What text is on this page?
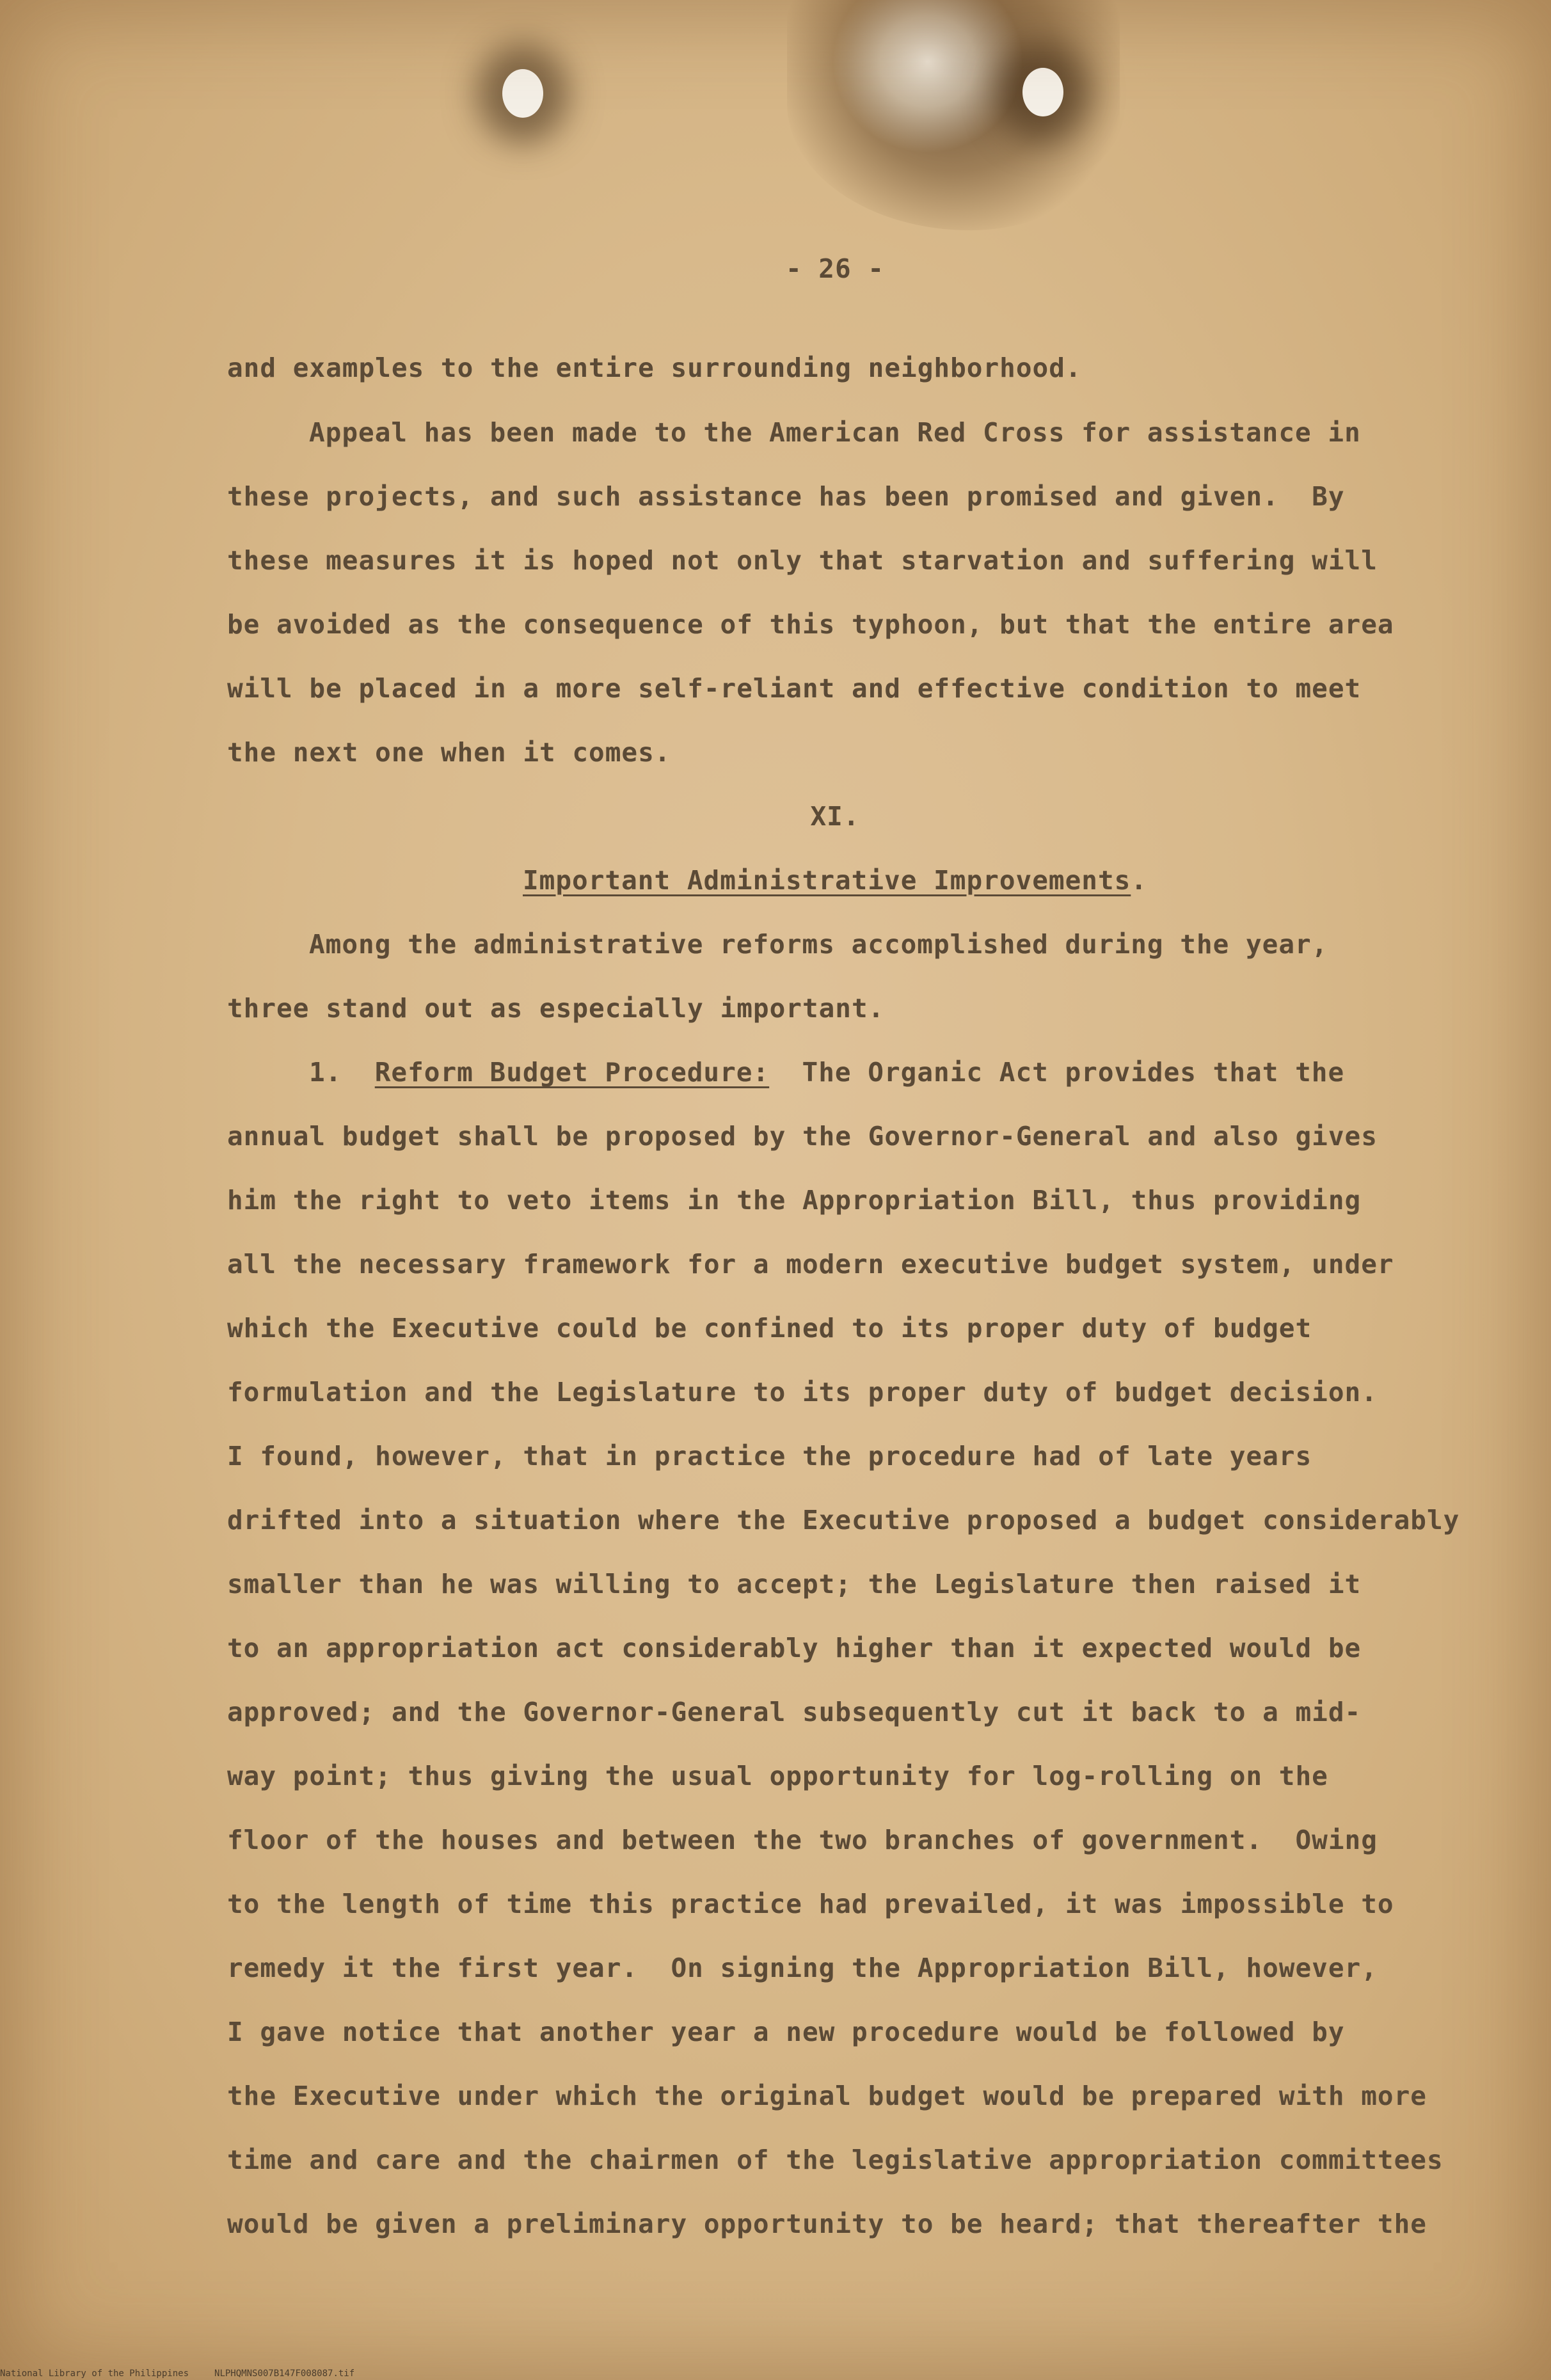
- 26 -
and examples to the entire surrounding neighborhood.
Appeal has been made to the American Red Cross for assistance in
these projects, and such assistance has been promised and given.  By
these measures it is hoped not only that starvation and suffering will
be avoided as the consequence of this typhoon, but that the entire area
will be placed in a more self-reliant and effective condition to meet
the next one when it comes.
XI.
Important Administrative Improvements.
Among the administrative reforms accomplished during the year,
three stand out as especially important.
1. Reform Budget Procedure: The Organic Act provides that the
annual budget shall be proposed by the Governor-General and also gives
him the right to veto items in the Appropriation Bill, thus providing
all the necessary framework for a modern executive budget system, under
which the Executive could be confined to its proper duty of budget
formulation and the Legislature to its proper duty of budget decision.
I found, however, that in practice the procedure had of late years
drifted into a situation where the Executive proposed a budget considerably
smaller than he was willing to accept; the Legislature then raised it
to an appropriation act considerably higher than it expected would be
approved; and the Governor-General subsequently cut it back to a mid-
way point; thus giving the usual opportunity for log-rolling on the
floor of the houses and between the two branches of government.  Owing
to the length of time this practice had prevailed, it was impossible to
remedy it the first year.  On signing the Appropriation Bill, however,
I gave notice that another year a new procedure would be followed by
the Executive under which the original budget would be prepared with more
time and care and the chairmen of the legislative appropriation committees
would be given a preliminary opportunity to be heard; that thereafter the
National Library of the Philippines	NLPHQMNS007B147F008087.tif
